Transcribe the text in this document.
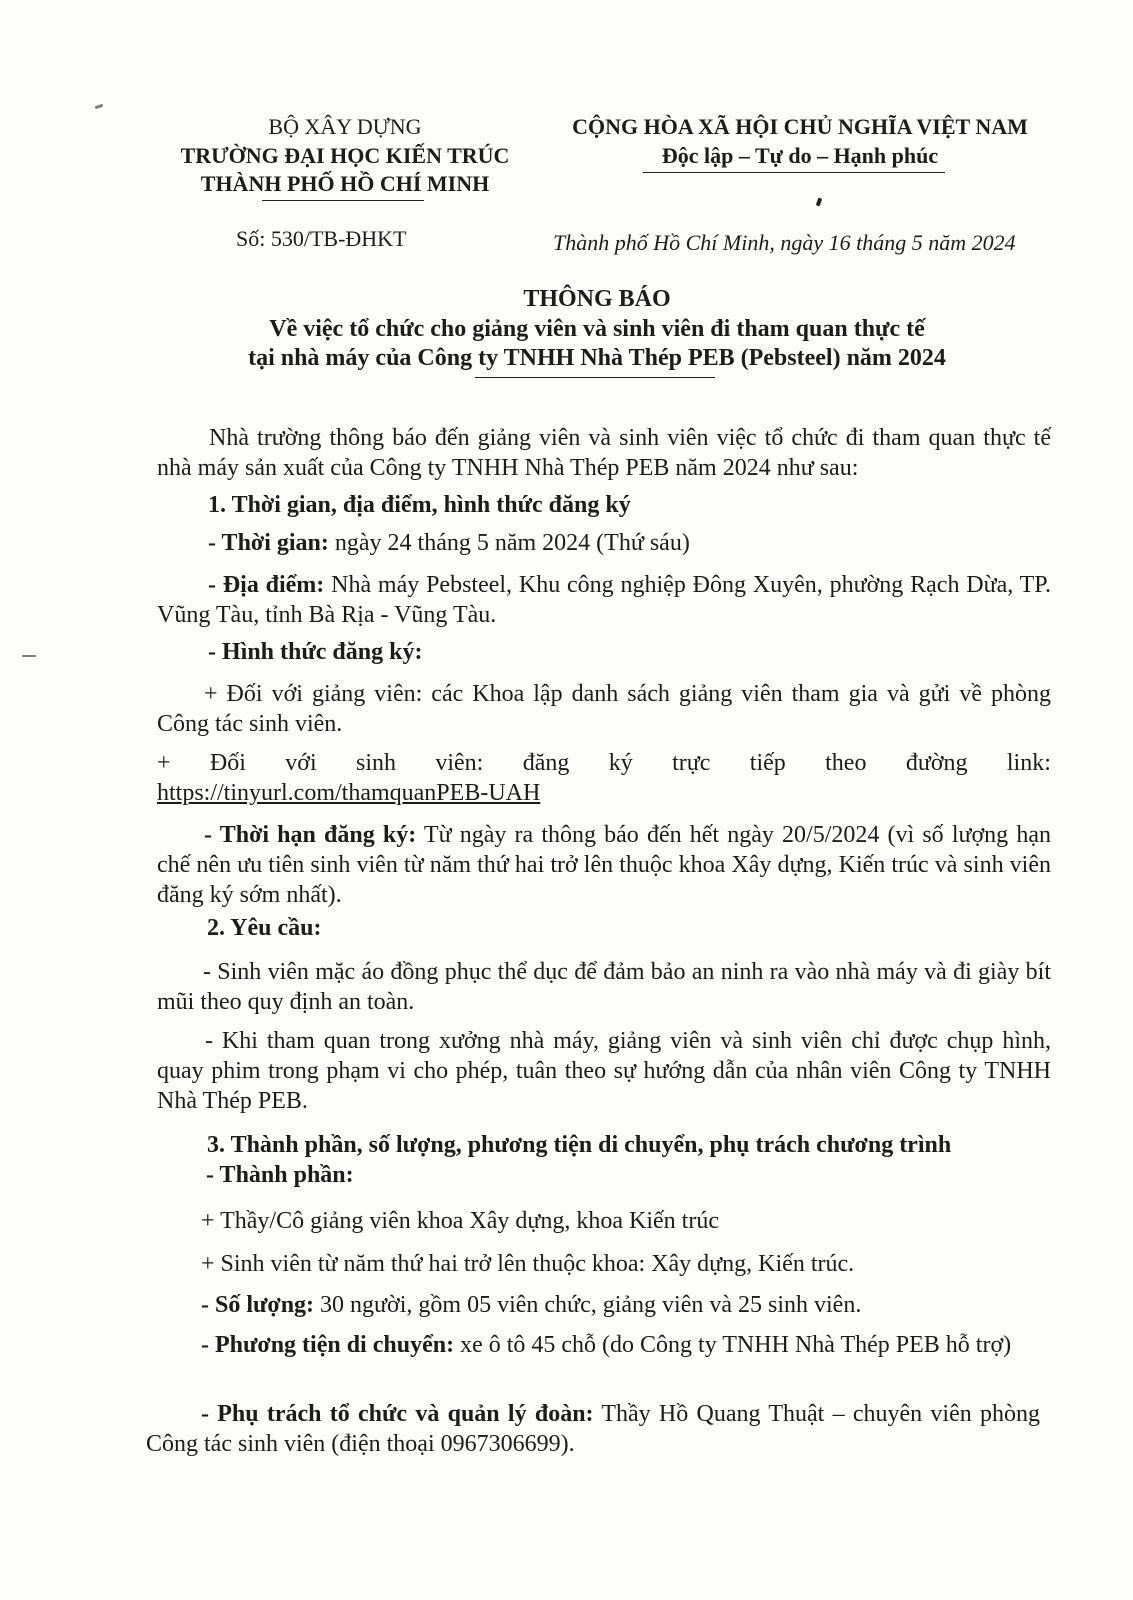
BỘ XÂY DỰNG
TRƯỜNG ĐẠI HỌC KIẾN TRÚC
THÀNH PHỐ HỒ CHÍ MINH
CỘNG HÒA XÃ HỘI CHỦ NGHĨA VIỆT NAM
Độc lập – Tự do – Hạnh phúc
Số: 530/TB-ĐHKT	Thành phố Hồ Chí Minh, ngày 16 tháng 5 năm 2024
THÔNG BÁO
Về việc tổ chức cho giảng viên và sinh viên đi tham quan thực tế
tại nhà máy của Công ty TNHH Nhà Thép PEB (Pebsteel) năm 2024
Nhà trường thông báo đến giảng viên và sinh viên việc tổ chức đi tham quan thực tế nhà máy sản xuất của Công ty TNHH Nhà Thép PEB năm 2024 như sau:
1. Thời gian, địa điểm, hình thức đăng ký
- Thời gian: ngày 24 tháng 5 năm 2024 (Thứ sáu)
- Địa điểm: Nhà máy Pebsteel, Khu công nghiệp Đông Xuyên, phường Rạch Dừa, TP. Vũng Tàu, tỉnh Bà Rịa - Vũng Tàu.
- Hình thức đăng ký:
+ Đối với giảng viên: các Khoa lập danh sách giảng viên tham gia và gửi về phòng Công tác sinh viên.
+ Đối với sinh viên: đăng ký trực tiếp theo đường link:
https://tinyurl.com/thamquanPEB-UAH
- Thời hạn đăng ký: Từ ngày ra thông báo đến hết ngày 20/5/2024 (vì số lượng hạn chế nên ưu tiên sinh viên từ năm thứ hai trở lên thuộc khoa Xây dựng, Kiến trúc và sinh viên đăng ký sớm nhất).
2. Yêu cầu:
- Sinh viên mặc áo đồng phục thể dục để đảm bảo an ninh ra vào nhà máy và đi giày bít mũi theo quy định an toàn.
- Khi tham quan trong xưởng nhà máy, giảng viên và sinh viên chỉ được chụp hình, quay phim trong phạm vi cho phép, tuân theo sự hướng dẫn của nhân viên Công ty TNHH Nhà Thép PEB.
3. Thành phần, số lượng, phương tiện di chuyển, phụ trách chương trình
- Thành phần:
+ Thầy/Cô giảng viên khoa Xây dựng, khoa Kiến trúc
+ Sinh viên từ năm thứ hai trở lên thuộc khoa: Xây dựng, Kiến trúc.
- Số lượng: 30 người, gồm 05 viên chức, giảng viên và 25 sinh viên.
- Phương tiện di chuyển: xe ô tô 45 chỗ (do Công ty TNHH Nhà Thép PEB hỗ trợ)
- Phụ trách tổ chức và quản lý đoàn: Thầy Hồ Quang Thuật – chuyên viên phòng Công tác sinh viên (điện thoại 0967306699).
